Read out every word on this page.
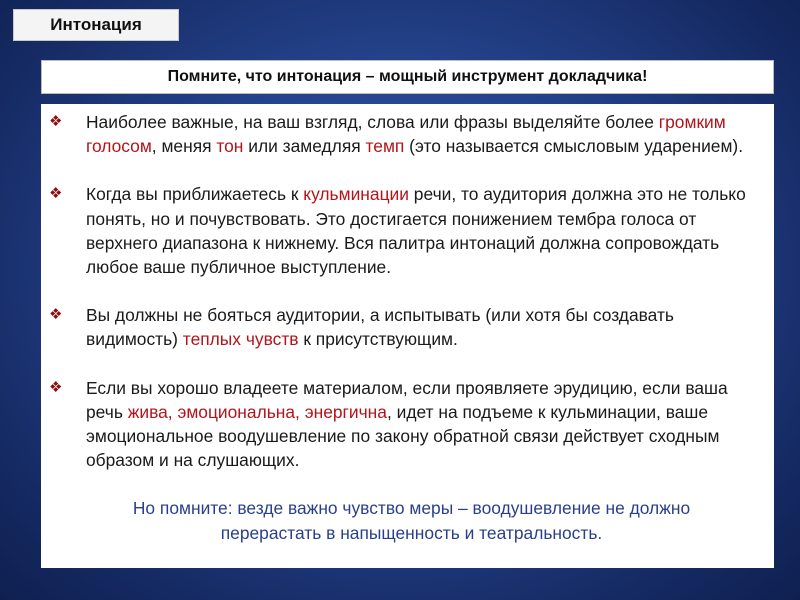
Интонация
Помните, что интонация – мощный инструмент докладчика!
❖	Наиболее важные, на ваш взгляд, слова или фразы выделяйте более громким голосом, меняя тон или замедляя темп (это называется смысловым ударением).
❖	Когда вы приближаетесь к кульминации речи, то аудитория должна это не только понять, но и почувствовать. Это достигается понижением тембра голоса от верхнего диапазона к нижнему. Вся палитра интонаций должна сопровождать любое ваше публичное выступление.
❖	Вы должны не бояться аудитории, а испытывать (или хотя бы создавать видимость) теплых чувств к присутствующим.
❖	Если вы хорошо владеете материалом, если проявляете эрудицию, если ваша речь жива, эмоциональна, энергична, идет на подъеме к кульминации, ваше эмоциональное воодушевление по закону обратной связи действует сходным образом и на слушающих.
Но помните: везде важно чувство меры – воодушевление не должно
перерастать в напыщенность и театральность.
